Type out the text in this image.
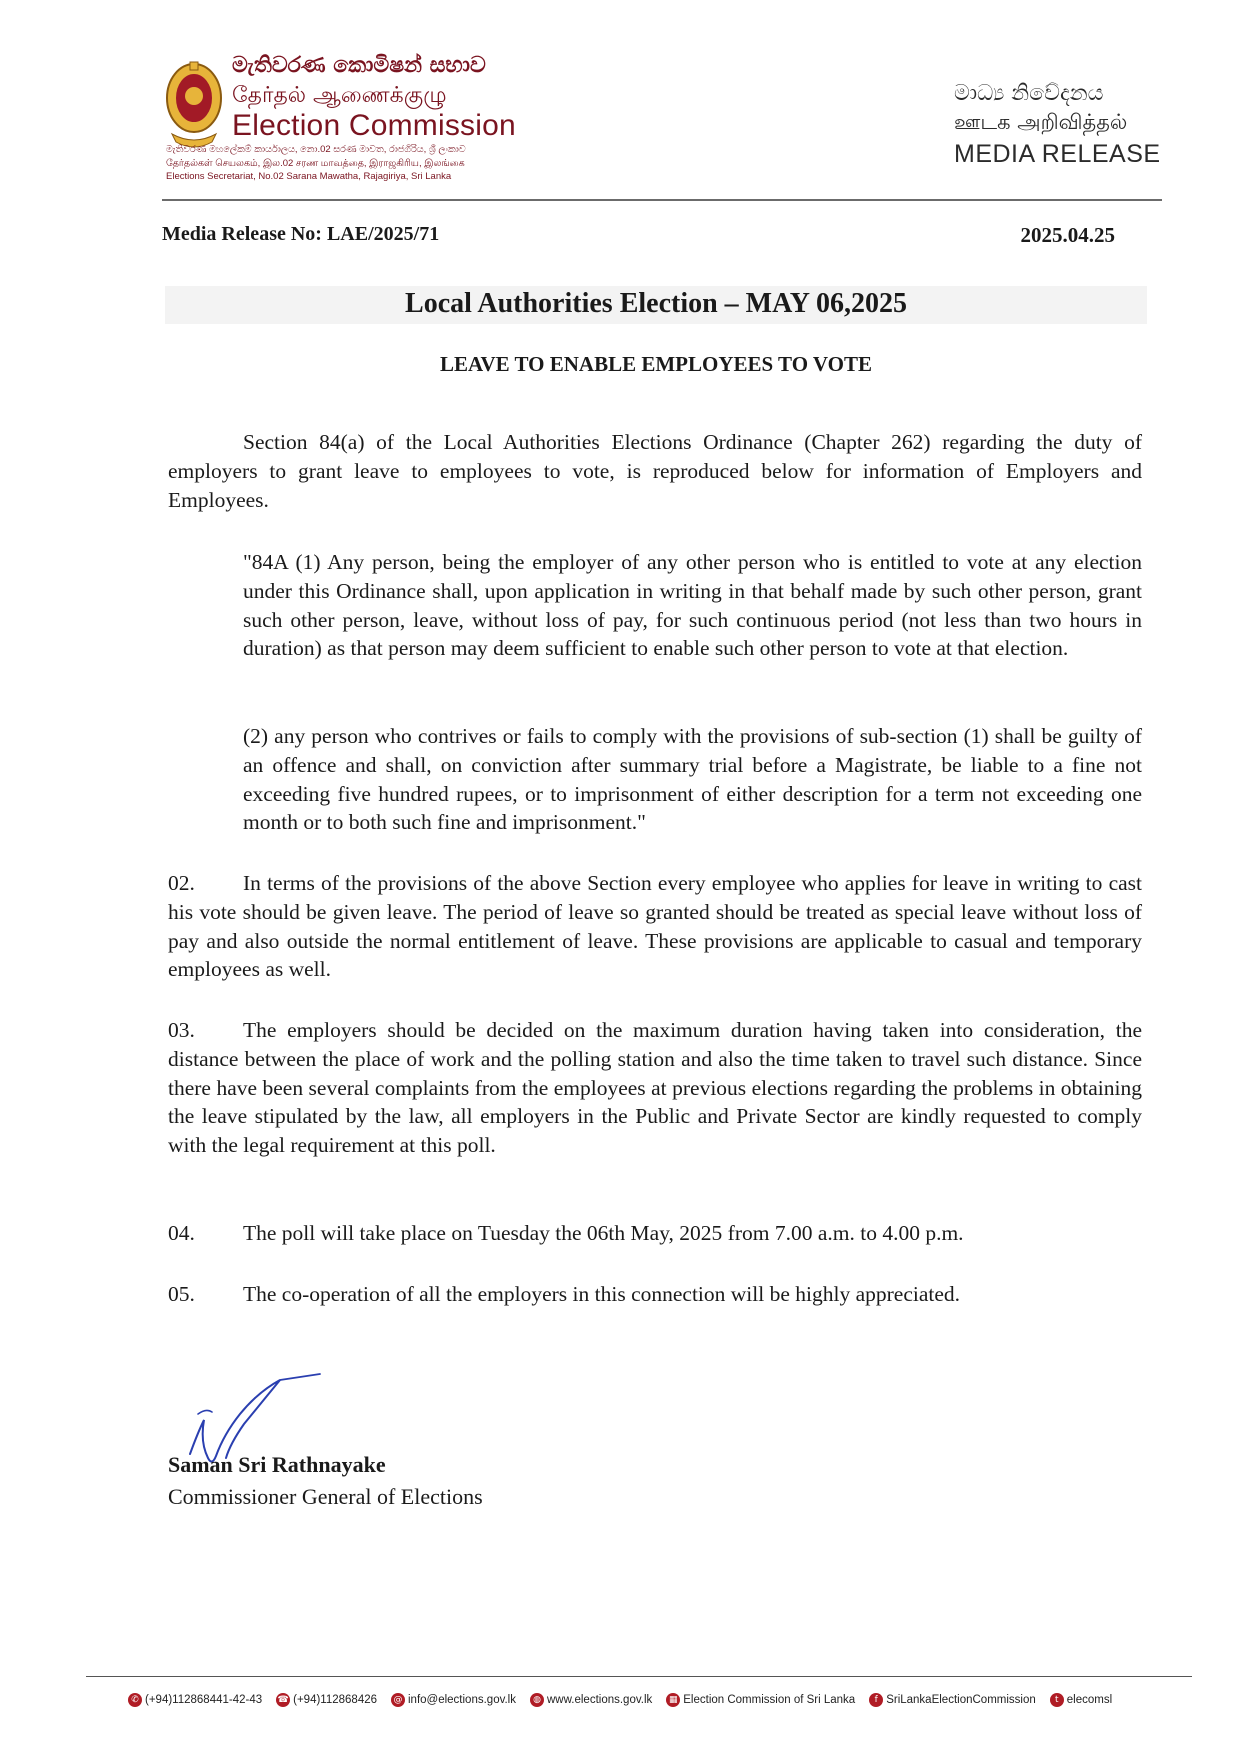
මැතිවරණ කොමිෂන් සභාව
தேர்தல் ஆணைக்குழு
Election Commission
මැතිවරණ මහලේකම් කාර්යාලය, නො.02 සරණ මාවත, රාජගිරිය, ශ්‍රී ලංකාව
தேர்தல்கள் செயலகம், இல.02 சரண மாவத்தை, இராஜகிரிய, இலங்கை
Elections Secretariat, No.02 Sarana Mawatha, Rajagiriya, Sri Lanka
මාධ්‍ය නිවේදනය
ஊடக அறிவித்தல்
MEDIA RELEASE
Media Release No: LAE/2025/71	2025.04.25
Local Authorities Election – MAY 06,2025
LEAVE TO ENABLE EMPLOYEES TO VOTE

Section 84(a) of the Local Authorities Elections Ordinance (Chapter 262) regarding the duty of employers to grant leave to employees to vote, is reproduced below for information of Employers and Employees.

"84A (1) Any person, being the employer of any other person who is entitled to vote at any election under this Ordinance shall, upon application in writing in that behalf made by such other person, grant such other person, leave, without loss of pay, for such continuous period (not less than two hours in duration) as that person may deem sufficient to enable such other person to vote at that election.

(2) any person who contrives or fails to comply with the provisions of sub-section (1) shall be guilty of an offence and shall, on conviction after summary trial before a Magistrate, be liable to a fine not exceeding five hundred rupees, or to imprisonment of either description for a term not exceeding one month or to both such fine and imprisonment."

02. In terms of the provisions of the above Section every employee who applies for leave in writing to cast his vote should be given leave. The period of leave so granted should be treated as special leave without loss of pay and also outside the normal entitlement of leave. These provisions are applicable to casual and temporary employees as well.

03. The employers should be decided on the maximum duration having taken into consideration, the distance between the place of work and the polling station and also the time taken to travel such distance. Since there have been several complaints from the employees at previous elections regarding the problems in obtaining the leave stipulated by the law, all employers in the Public and Private Sector are kindly requested to comply with the legal requirement at this poll.

04. The poll will take place on Tuesday the 06th May, 2025 from 7.00 a.m. to 4.00 p.m.

05. The co-operation of all the employers in this connection will be highly appreciated.

Saman Sri Rathnayake
Commissioner General of Elections
✆ (+94)112868441-42-43 ☎ (+94)112868426 @ info@elections.gov.lk	◍ www.elections.gov.lk	▦ Election Commission of Sri Lanka	f SriLankaElectionCommission	t elecomsl
